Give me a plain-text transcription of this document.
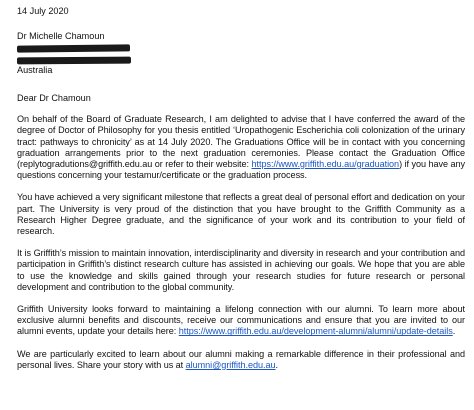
14 July 2020
Dr Michelle Chamoun
Australia
Dear Dr Chamoun

On behalf of the Board of Graduate Research, I am delighted to advise that I have conferred the award of the degree of Doctor of Philosophy for you thesis entitled ‘Uropathogenic Escherichia coli colonization of the urinary tract: pathways to chronicity’ as at 14 July 2020. The Graduations Office will be in contact with you concerning graduation arrangements prior to the next graduation ceremonies. Please contact the Graduation Office (replytogradutions@griffith.edu.au or refer to their website: https://www.griffith.edu.au/graduation) if you have any questions concerning your testamur/certificate or the graduation process.

You have achieved a very significant milestone that reflects a great deal of personal effort and dedication on your part. The University is very proud of the distinction that you have brought to the Griffith Community as a Research Higher Degree graduate, and the significance of your work and its contribution to your field of research.

It is Griffith’s mission to maintain innovation, interdisciplinarity and diversity in research and your contribution and participation in Griffith’s distinct research culture has assisted in achieving our goals. We hope that you are able to use the knowledge and skills gained through your research studies for future research or personal development and contribution to the global community.

Griffith University looks forward to maintaining a lifelong connection with our alumni. To learn more about exclusive alumni benefits and discounts, receive our communications and ensure that you are invited to our alumni events, update your details here: https://www.griffith.edu.au/development-alumni/alumni/update-details.

We are particularly excited to learn about our alumni making a remarkable difference in their professional and personal lives. Share your story with us at alumni@griffith.edu.au.
